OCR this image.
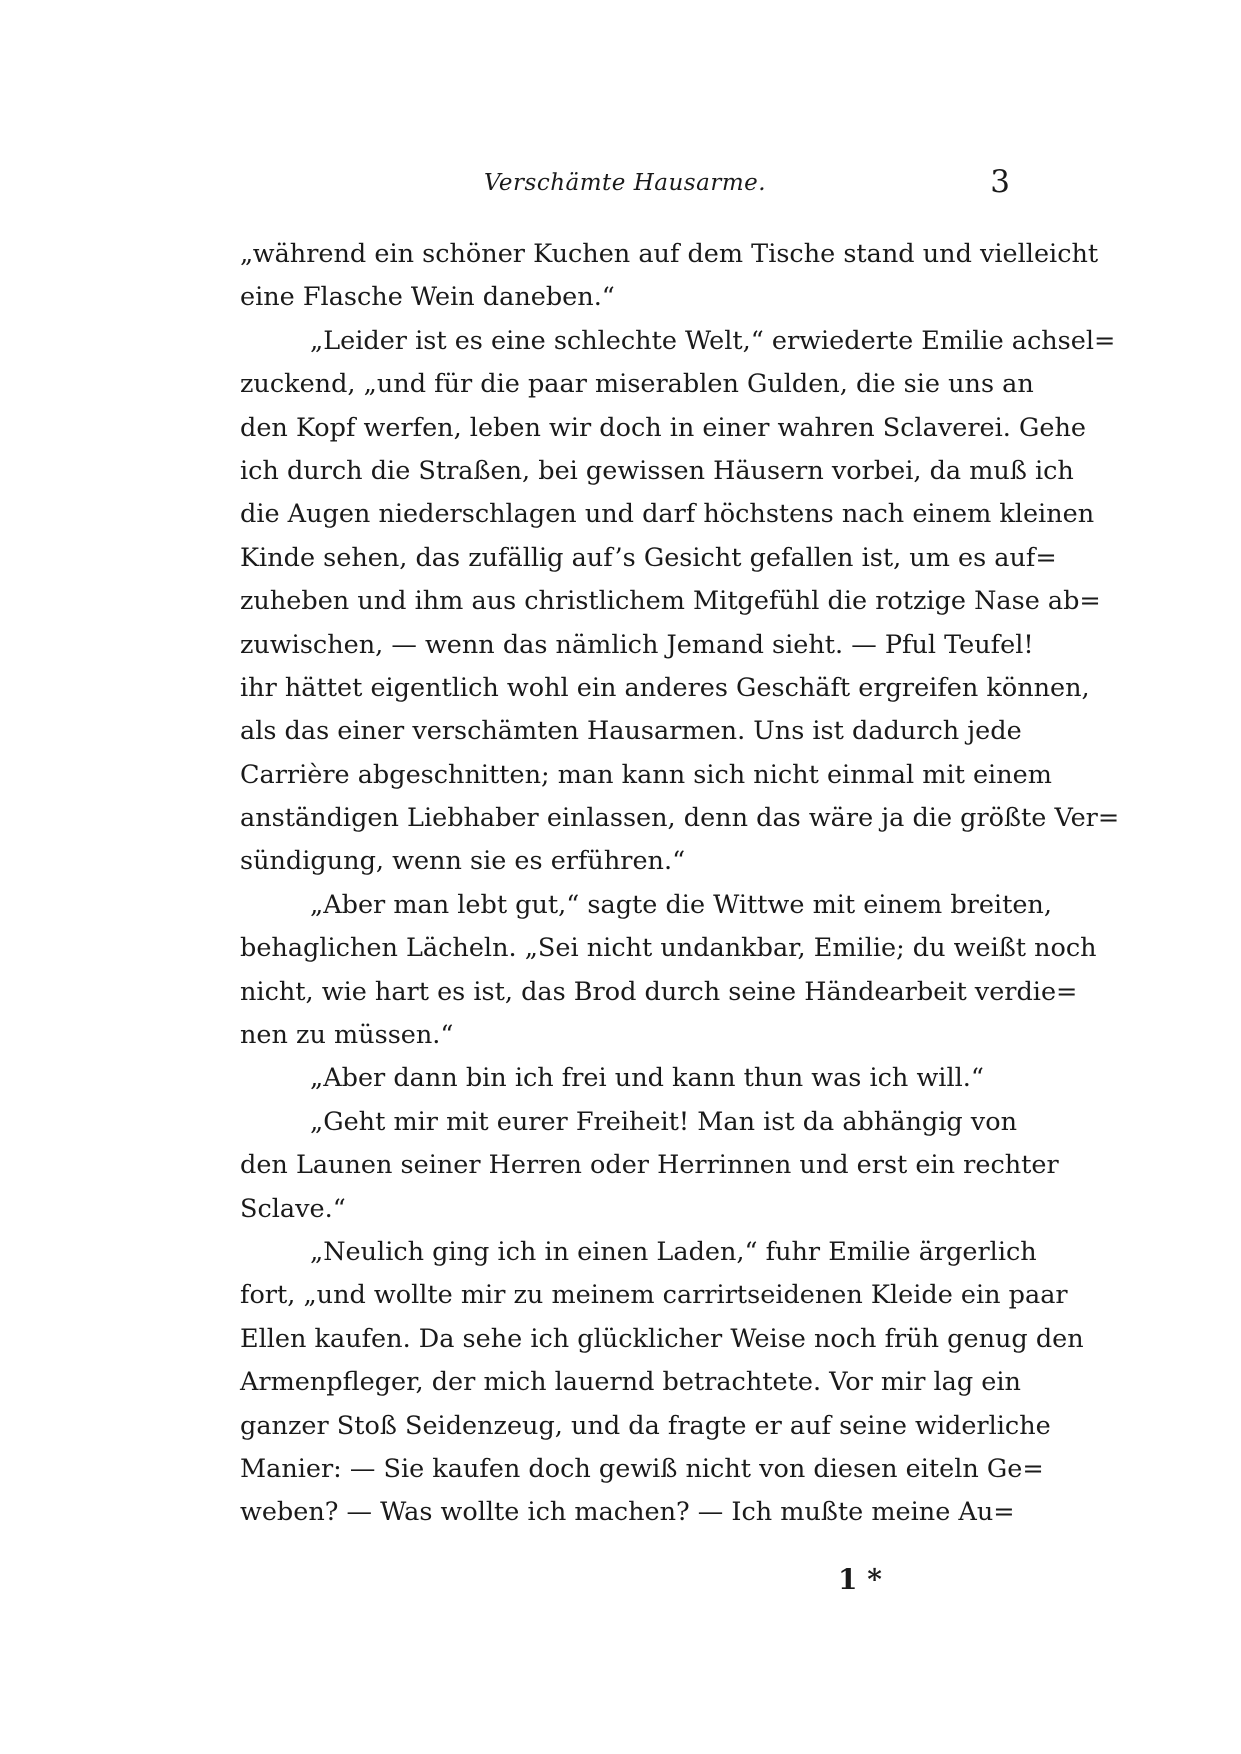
Verschämte Hausarme.	3
„während ein schöner Kuchen auf dem Tische stand und vielleicht
eine Flasche Wein daneben.“
„Leider ist es eine schlechte Welt,“ erwiederte Emilie achsel=
zuckend, „und für die paar miserablen Gulden, die sie uns an
den Kopf werfen, leben wir doch in einer wahren Sclaverei. Gehe
ich durch die Straßen, bei gewissen Häusern vorbei, da muß ich
die Augen niederschlagen und darf höchstens nach einem kleinen
Kinde sehen, das zufällig auf’s Gesicht gefallen ist, um es auf=
zuheben und ihm aus christlichem Mitgefühl die rotzige Nase ab=
zuwischen, — wenn das nämlich Jemand sieht. — Pful Teufel!
ihr hättet eigentlich wohl ein anderes Geschäft ergreifen können,
als das einer verschämten Hausarmen. Uns ist dadurch jede
Carrière abgeschnitten; man kann sich nicht einmal mit einem
anständigen Liebhaber einlassen, denn das wäre ja die größte Ver=
sündigung, wenn sie es erführen.“
„Aber man lebt gut,“ sagte die Wittwe mit einem breiten,
behaglichen Lächeln. „Sei nicht undankbar, Emilie; du weißt noch
nicht, wie hart es ist, das Brod durch seine Händearbeit verdie=
nen zu müssen.“
„Aber dann bin ich frei und kann thun was ich will.“
„Geht mir mit eurer Freiheit! Man ist da abhängig von
den Launen seiner Herren oder Herrinnen und erst ein rechter
Sclave.“
„Neulich ging ich in einen Laden,“ fuhr Emilie ärgerlich
fort, „und wollte mir zu meinem carrirtseidenen Kleide ein paar
Ellen kaufen. Da sehe ich glücklicher Weise noch früh genug den
Armenpfleger, der mich lauernd betrachtete. Vor mir lag ein
ganzer Stoß Seidenzeug, und da fragte er auf seine widerliche
Manier: — Sie kaufen doch gewiß nicht von diesen eiteln Ge=
weben? — Was wollte ich machen? — Ich mußte meine Au=
1 *
